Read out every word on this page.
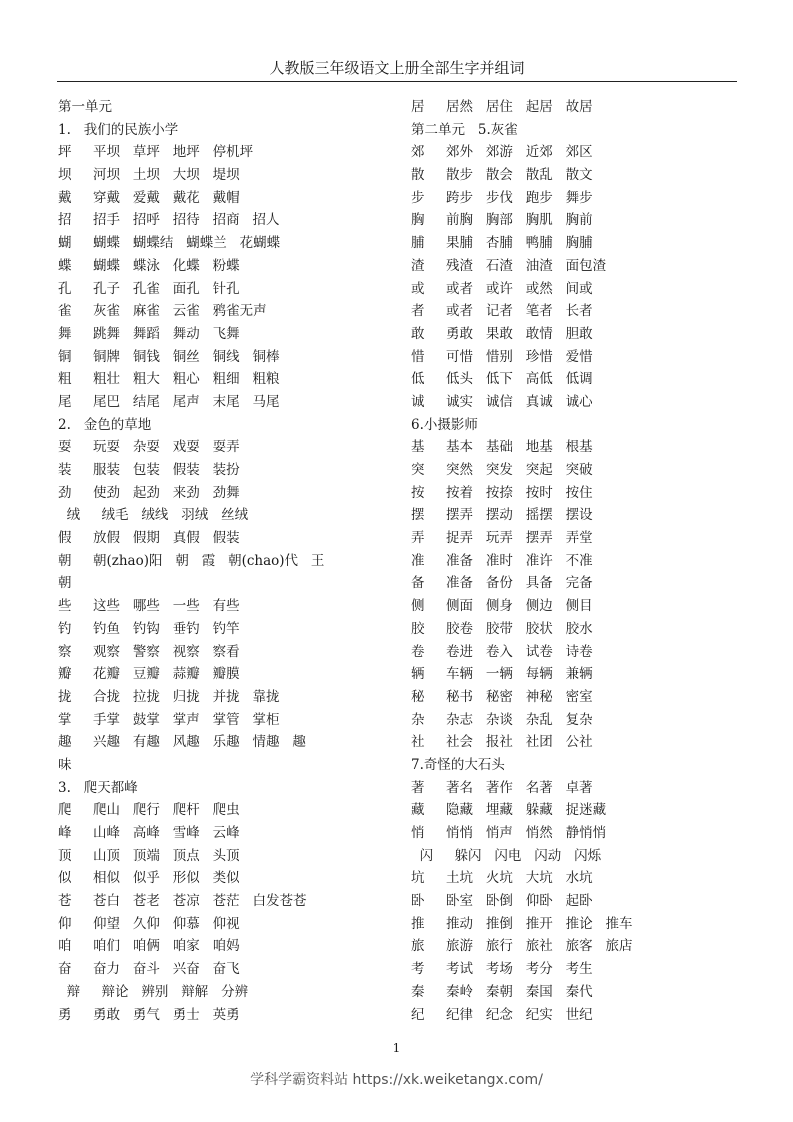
人教版三年级语文上册全部生字并组词
第一单元
1.   我们的民族小学
坪     平坝   草坪   地坪   停机坪
坝     河坝   土坝   大坝   堤坝
戴     穿戴   爱戴   戴花   戴帽
招     招手   招呼   招待   招商   招人
蝴     蝴蝶   蝴蝶结   蝴蝶兰   花蝴蝶
蝶     蝴蝶   蝶泳   化蝶   粉蝶
孔     孔子   孔雀   面孔   针孔
雀     灰雀   麻雀   云雀   鸦雀无声
舞     跳舞   舞蹈   舞动   飞舞
铜     铜牌   铜钱   铜丝   铜线   铜棒
粗     粗壮   粗大   粗心   粗细   粗粮
尾     尾巴   结尾   尾声   末尾   马尾
2.   金色的草地
耍     玩耍   杂耍   戏耍   耍弄
装     服装   包装   假装   装扮
劲     使劲   起劲   来劲   劲舞
绒     绒毛   绒线   羽绒   丝绒
假     放假   假期   真假   假装
朝     朝(zhao)阳   朝   霞   朝(chao)代   王
朝
些     这些   哪些   一些   有些
钓     钓鱼   钓钩   垂钓   钓竿
察     观察   警察   视察   察看
瓣     花瓣   豆瓣   蒜瓣   瓣膜
拢     合拢   拉拢   归拢   并拢   靠拢
掌     手掌   鼓掌   掌声   掌管   掌柜
趣     兴趣   有趣   风趣   乐趣   情趣   趣
味
3.   爬天都峰
爬     爬山   爬行   爬杆   爬虫
峰     山峰   高峰   雪峰   云峰
顶     山顶   顶端   顶点   头顶
似     相似   似乎   形似   类似
苍     苍白   苍老   苍凉   苍茫   白发苍苍
仰     仰望   久仰   仰慕   仰视
咱     咱们   咱俩   咱家   咱妈
奋     奋力   奋斗   兴奋   奋飞
辩     辩论   辨别   辩解   分辨
勇     勇敢   勇气   勇士   英勇
居     居然   居住   起居   故居
第二单元   5.灰雀
郊     郊外   郊游   近郊   郊区
散     散步   散会   散乱   散文
步     跨步   步伐   跑步   舞步
胸     前胸   胸部   胸肌   胸前
脯     果脯   杏脯   鸭脯   胸脯
渣     残渣   石渣   油渣   面包渣
或     或者   或许   或然   间或
者     或者   记者   笔者   长者
敢     勇敢   果敢   敢情   胆敢
惜     可惜   惜别   珍惜   爱惜
低     低头   低下   高低   低调
诚     诚实   诚信   真诚   诚心
6.小摄影师
基     基本   基础   地基   根基
突     突然   突发   突起   突破
按     按着   按捺   按时   按住
摆     摆弄   摆动   摇摆   摆设
弄     捉弄   玩弄   摆弄   弄堂
准     准备   准时   准许   不准
备     准备   备份   具备   完备
侧     侧面   侧身   侧边   侧目
胶     胶卷   胶带   胶状   胶水
卷     卷进   卷入   试卷   诗卷
辆     车辆   一辆   每辆   兼辆
秘     秘书   秘密   神秘   密室
杂     杂志   杂谈   杂乱   复杂
社     社会   报社   社团   公社
7.奇怪的大石头
著     著名   著作   名著   卓著
藏     隐藏   埋藏   躲藏   捉迷藏
悄     悄悄   悄声   悄然   静悄悄
闪     躲闪   闪电   闪动   闪烁
坑     土坑   火坑   大坑   水坑
卧     卧室   卧倒   仰卧   起卧
推     推动   推倒   推开   推论   推车
旅     旅游   旅行   旅社   旅客   旅店
考     考试   考场   考分   考生
秦     秦岭   秦朝   秦国   秦代
纪     纪律   纪念   纪实   世纪
1
学科学霸资料站 https://xk.weiketangx.com/
